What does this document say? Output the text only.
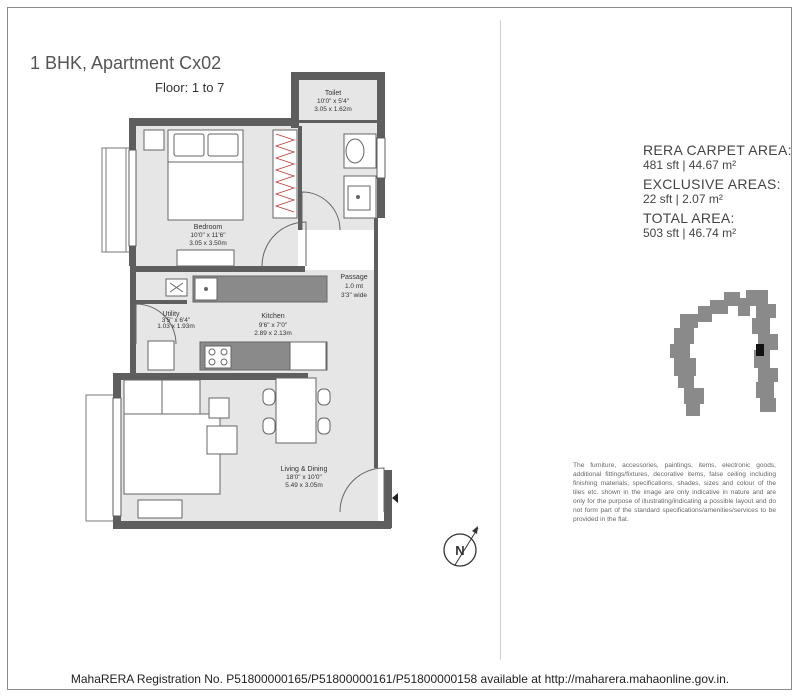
1 BHK, Apartment Cx02
Floor: 1 to 7	Toilet
10'0" x 5'4"
3.05 x 1.62m
Bedroom
10'0" x 11'6"
3.05 x 3.50m
Passage
1.0 mt
3'3" wide
Utility
3'5" x 6'4"
1.03 x 1.93m
Kitchen
9'6" x 7'0"
2.89 x 2.13m
Living & Dining
18'0" x 10'0"
5.49 x 3.05m
N
RERA CARPET AREA:
481 sft | 44.67 m²
EXCLUSIVE AREAS:
22 sft | 2.07 m²
TOTAL AREA:
503 sft | 46.74 m²
The furniture, accessories, paintings, items, electronic goods, additional fittings/fixtures, decorative items, false ceiling including finishing materials, specifications, shades, sizes and colour of the tiles etc. shown in the image are only indicative in nature and are only for the purpose of illustrating/indicating a possible layout and do not form part of the standard specifications/amenities/services to be provided in the flat.
MahaRERA Registration No. P51800000165/P51800000161/P51800000158 available at http://maharera.mahaonline.gov.in.
